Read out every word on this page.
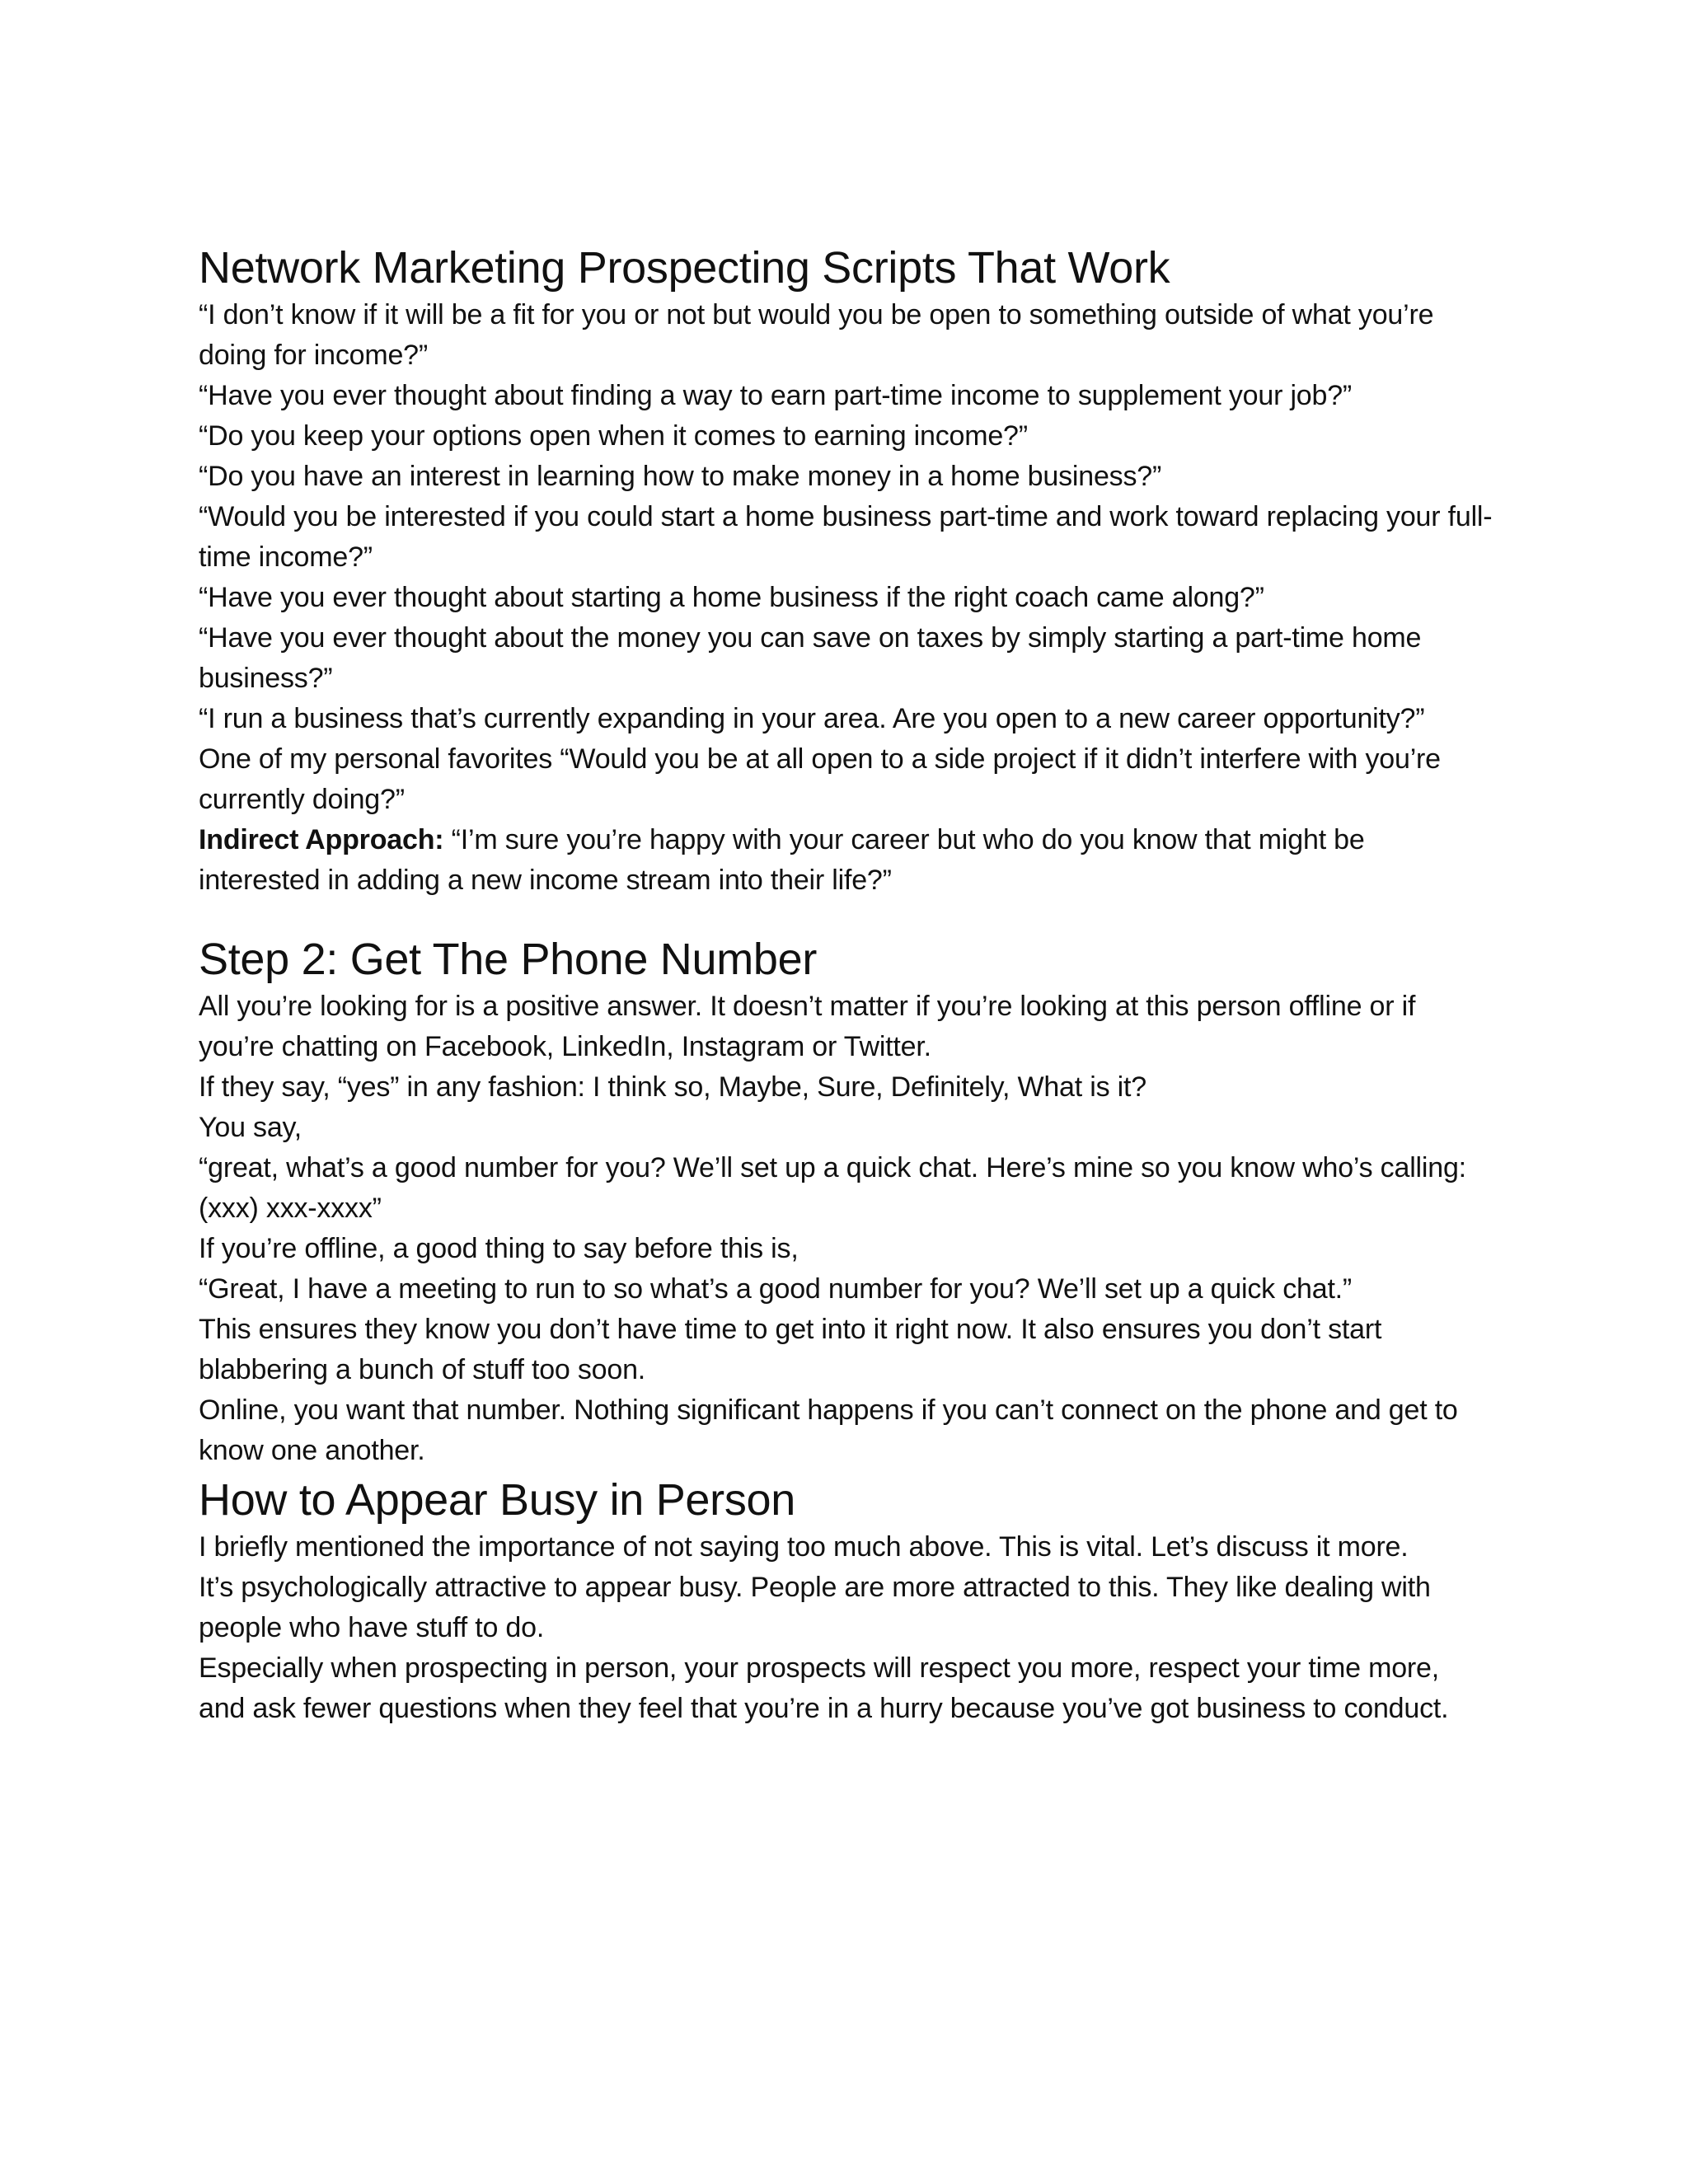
Network Marketing Prospecting Scripts That Work

“I don’t know if it will be a fit for you or not but would you be open to something outside of what you’re doing for income?”

“Have you ever thought about finding a way to earn part-time income to supplement your job?”

“Do you keep your options open when it comes to earning income?”

“Do you have an interest in learning how to make money in a home business?”

“Would you be interested if you could start a home business part-time and work toward replacing your full-time income?”

“Have you ever thought about starting a home business if the right coach came along?”

“Have you ever thought about the money you can save on taxes by simply starting a part-time home business?”

“I run a business that’s currently expanding in your area. Are you open to a new career opportunity?”

One of my personal favorites “Would you be at all open to a side project if it didn’t interfere with you’re currently doing?”

Indirect Approach: “I’m sure you’re happy with your career but who do you know that might be interested in adding a new income stream into their life?”

Step 2: Get The Phone Number

All you’re looking for is a positive answer. It doesn’t matter if you’re looking at this person offline or if you’re chatting on Facebook, LinkedIn, Instagram or Twitter.

If they say, “yes” in any fashion: I think so, Maybe, Sure, Definitely, What is it?

You say,

“great, what’s a good number for you? We’ll set up a quick chat. Here’s mine so you know who’s calling: (xxx) xxx-xxxx”

If you’re offline, a good thing to say before this is,

“Great, I have a meeting to run to so what’s a good number for you? We’ll set up a quick chat.”

This ensures they know you don’t have time to get into it right now. It also ensures you don’t start blabbering a bunch of stuff too soon.

Online, you want that number. Nothing significant happens if you can’t connect on the phone and get to know one another.

How to Appear Busy in Person

I briefly mentioned the importance of not saying too much above. This is vital. Let’s discuss it more.

It’s psychologically attractive to appear busy. People are more attracted to this. They like dealing with people who have stuff to do.

Especially when prospecting in person, your prospects will respect you more, respect your time more, and ask fewer questions when they feel that you’re in a hurry because you’ve got business to conduct.
